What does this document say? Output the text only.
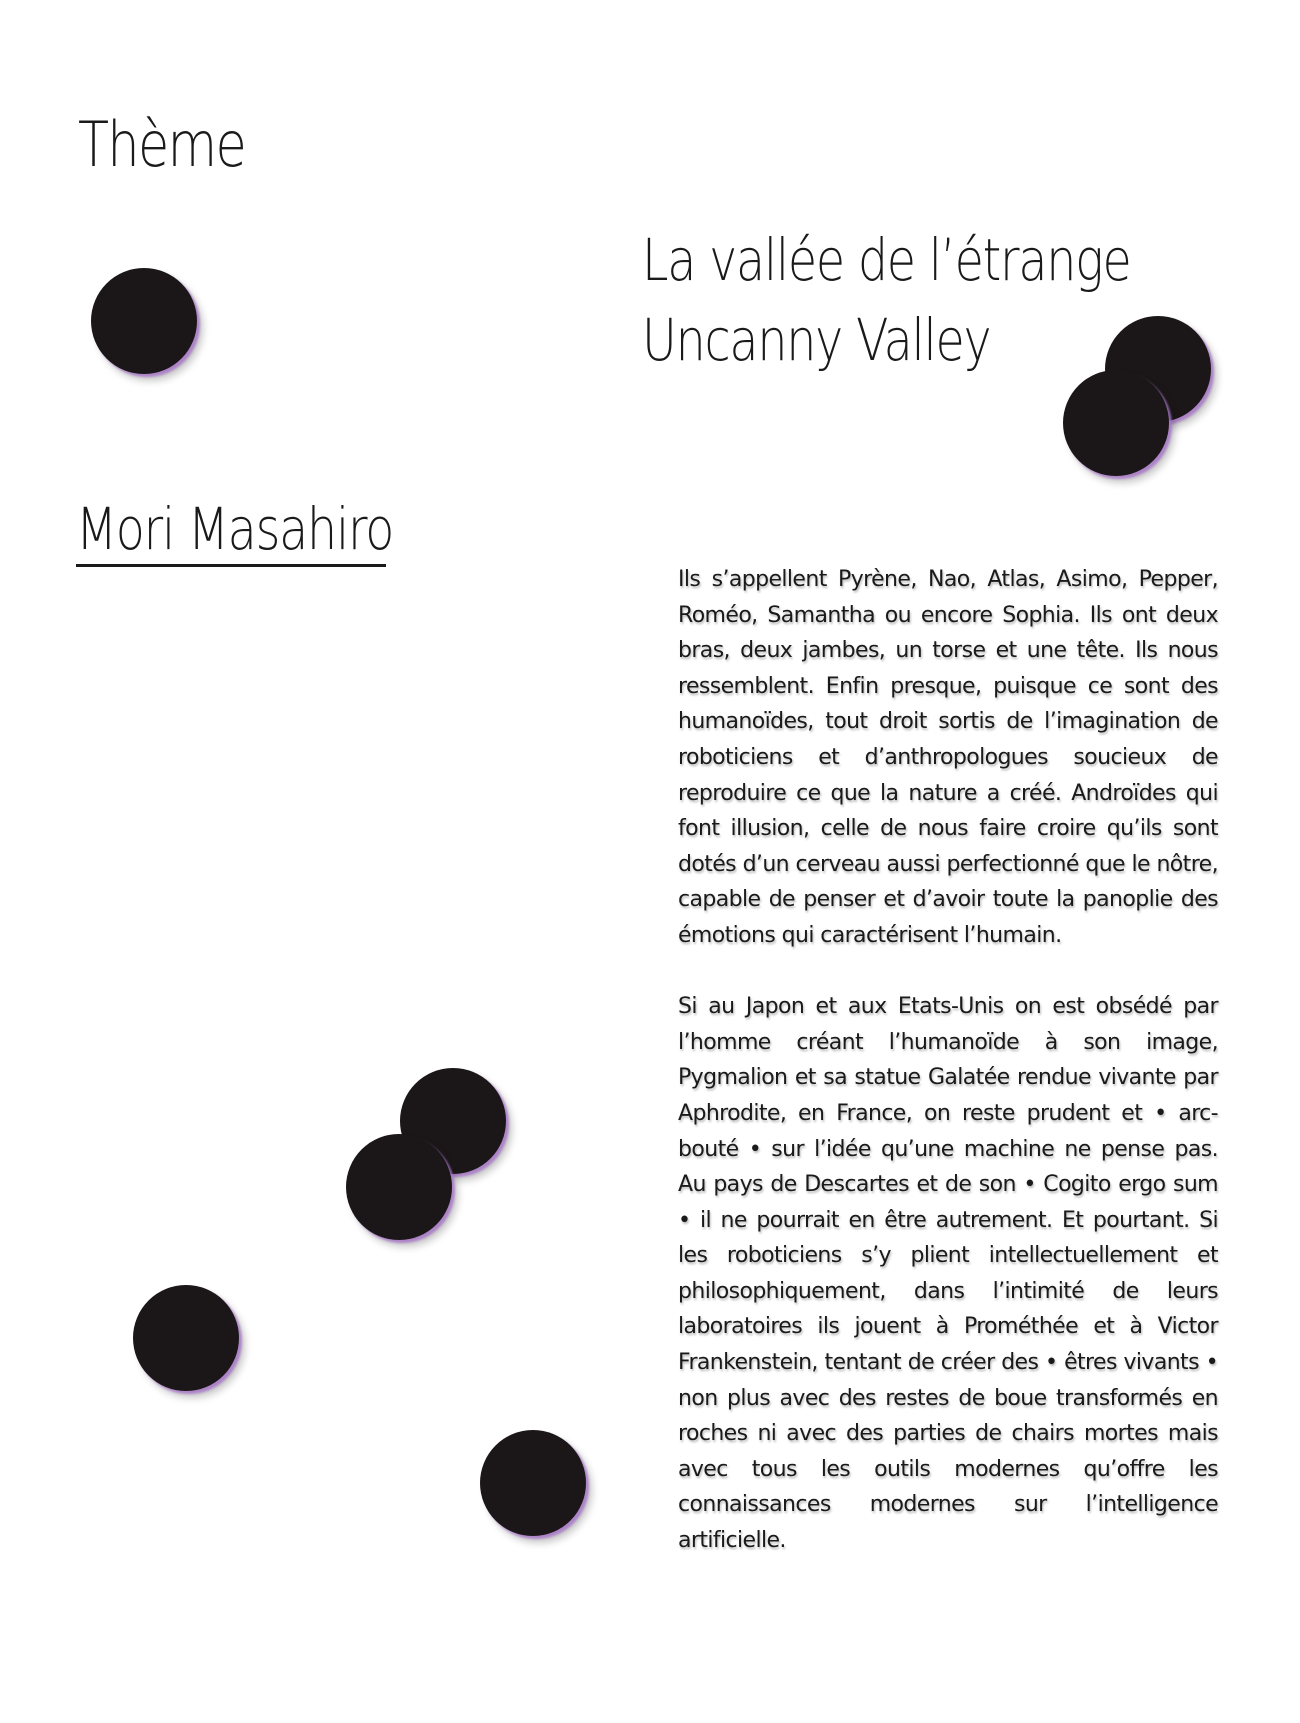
Thème
La vallée de l’étrange
Uncanny Valley
Mori Masahiro

Ils s’appellent Pyrène, Nao, Atlas, Asimo, Pepper, Roméo, Samantha ou encore Sophia. Ils ont deux bras, deux jambes, un torse et une tête. Ils nous ressemblent. Enfin presque, puisque ce sont des humanoïdes, tout droit sortis de l’imagination de roboticiens et d’anthropologues soucieux de reproduire ce que la nature a créé. Androïdes qui font illusion, celle de nous faire croire qu’ils sont dotés d’un cerveau aussi perfectionné que le nôtre, capable de penser et d’avoir toute la panoplie des émotions qui caractérisent l’humain.

Si au Japon et aux Etats-Unis on est obsédé par l’homme créant l’humanoïde à son image, Pygmalion et sa statue Galatée rendue vivante par Aphrodite, en France, on reste prudent et • arc-bouté • sur l’idée qu’une machine ne pense pas. Au pays de Descartes et de son • Cogito ergo sum • il ne pourrait en être autrement. Et pourtant. Si les roboticiens s’y plient intellectuellement et philosophiquement, dans l’intimité de leurs laboratoires ils jouent à Prométhée et à Victor Frankenstein, tentant de créer des • êtres vivants • non plus avec des restes de boue transformés en roches ni avec des parties de chairs mortes mais avec tous les outils modernes qu’offre les connaissances modernes sur l’intelligence artificielle.
